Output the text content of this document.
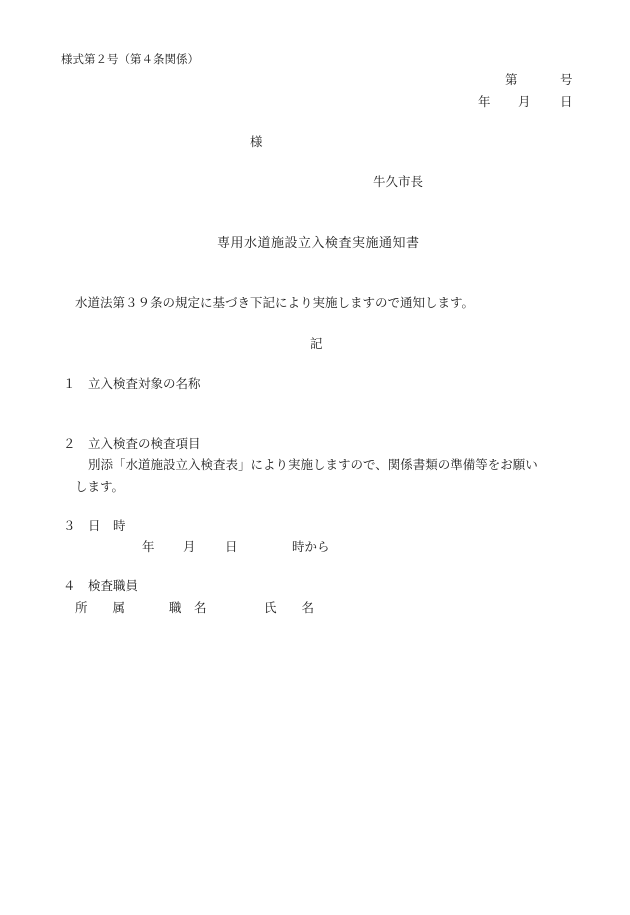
様式第２号（第４条関係）
第	号
年 月 日
様
牛久市長
専用水道施設立入検査実施通知書
水道法第３９条の規定に基づき下記により実施しますので通知します。
記
１ 立入検査対象の名称
２ 立入検査の検査項目
別添「水道施設立入検査表」により実施しますので、関係書類の準備等をお願い
します。
３ 日　時
年 月 日	時から
４ 検査職員
所　　属	職　名	氏　　名
